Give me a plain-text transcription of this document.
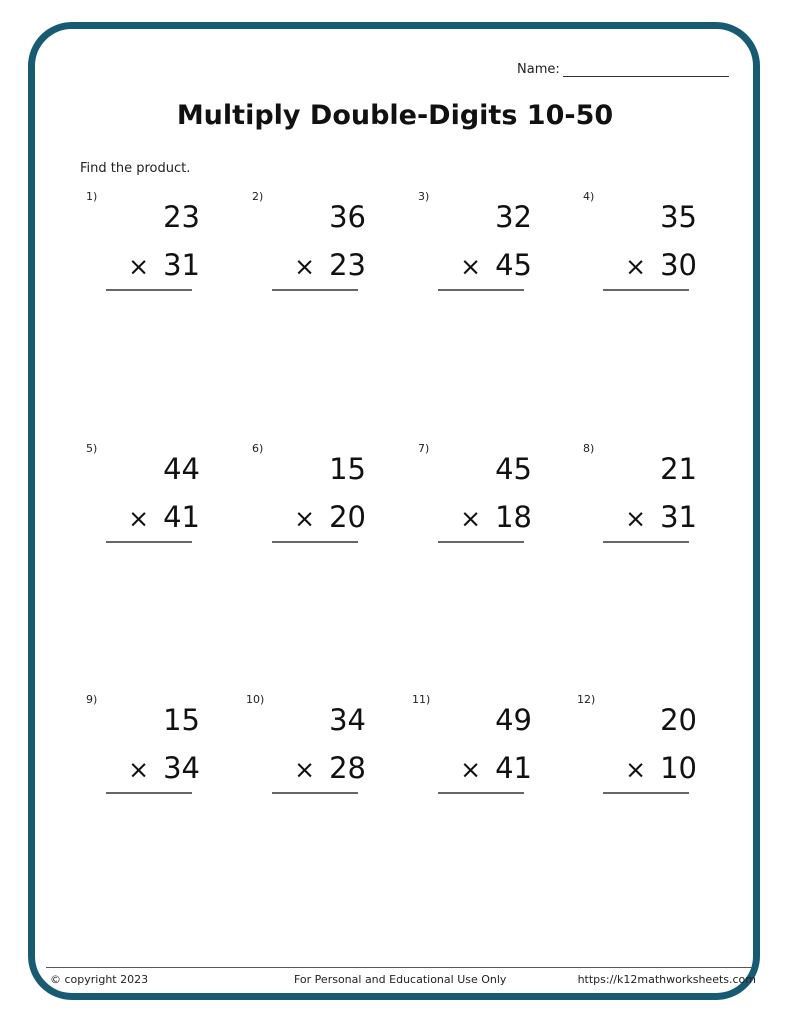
Name:
Multiply Double-Digits 10-50
Find the product.
1)
23
× 31
2)
36
× 23
3)
32
× 45
4)
35
× 30
5)
44
× 41
6)
15
× 20
7)
45
× 18
8)
21
× 31
9)
15
× 34
10)
34
× 28
11)
49
× 41
12)
20
× 10
© copyright 2023	For Personal and Educational Use Only	https://k12mathworksheets.com
